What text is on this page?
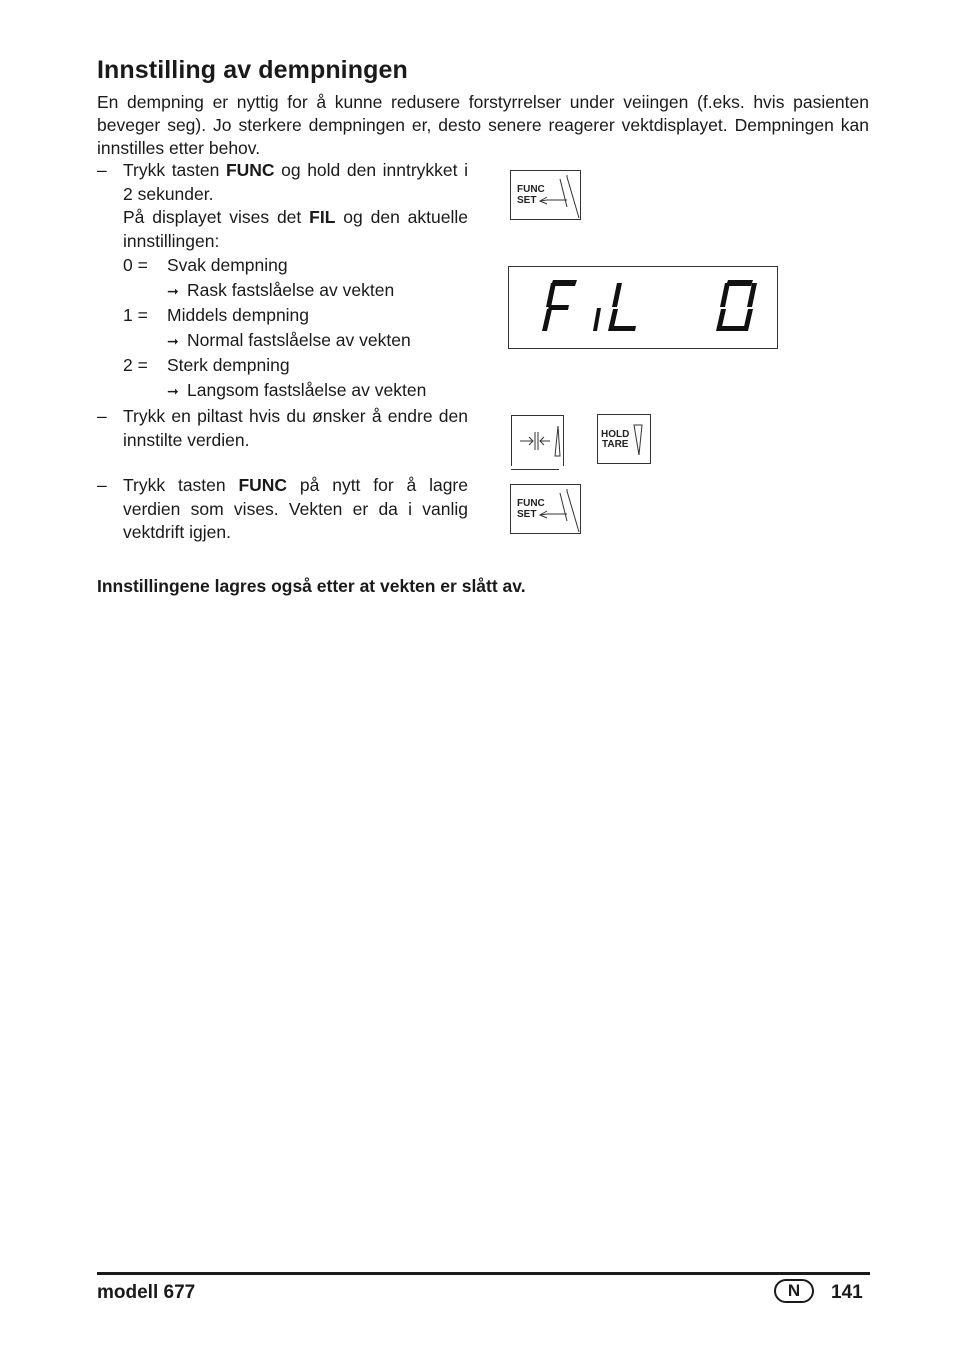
Innstilling av dempningen

En dempning er nyttig for å kunne redusere forstyrrelser under veiingen (f.eks. hvis pasienten beveger seg). Jo sterkere dempningen er, desto senere reagerer vektdisplayet. Dempningen kan innstilles etter behov.

– Trykk tasten FUNC og hold den inntrykket i 2 sekunder.
På displayet vises det FIL og den aktuelle innstillingen:
0 = Svak dempning
➞ Rask fastslåelse av vekten
1 = Middels dempning
➞ Normal fastslåelse av vekten
2 = Sterk dempning
➞ Langsom fastslåelse av vekten
– Trykk en piltast hvis du ønsker å endre den innstilte verdien.
– Trykk tasten FUNC på nytt for å lagre verdien som vises. Vekten er da i vanlig vektdrift igjen.
FUNC
SET
HOLD
TARE
FUNC
SET

Innstillingene lagres også etter at vekten er slått av.

modell 677	N	141
